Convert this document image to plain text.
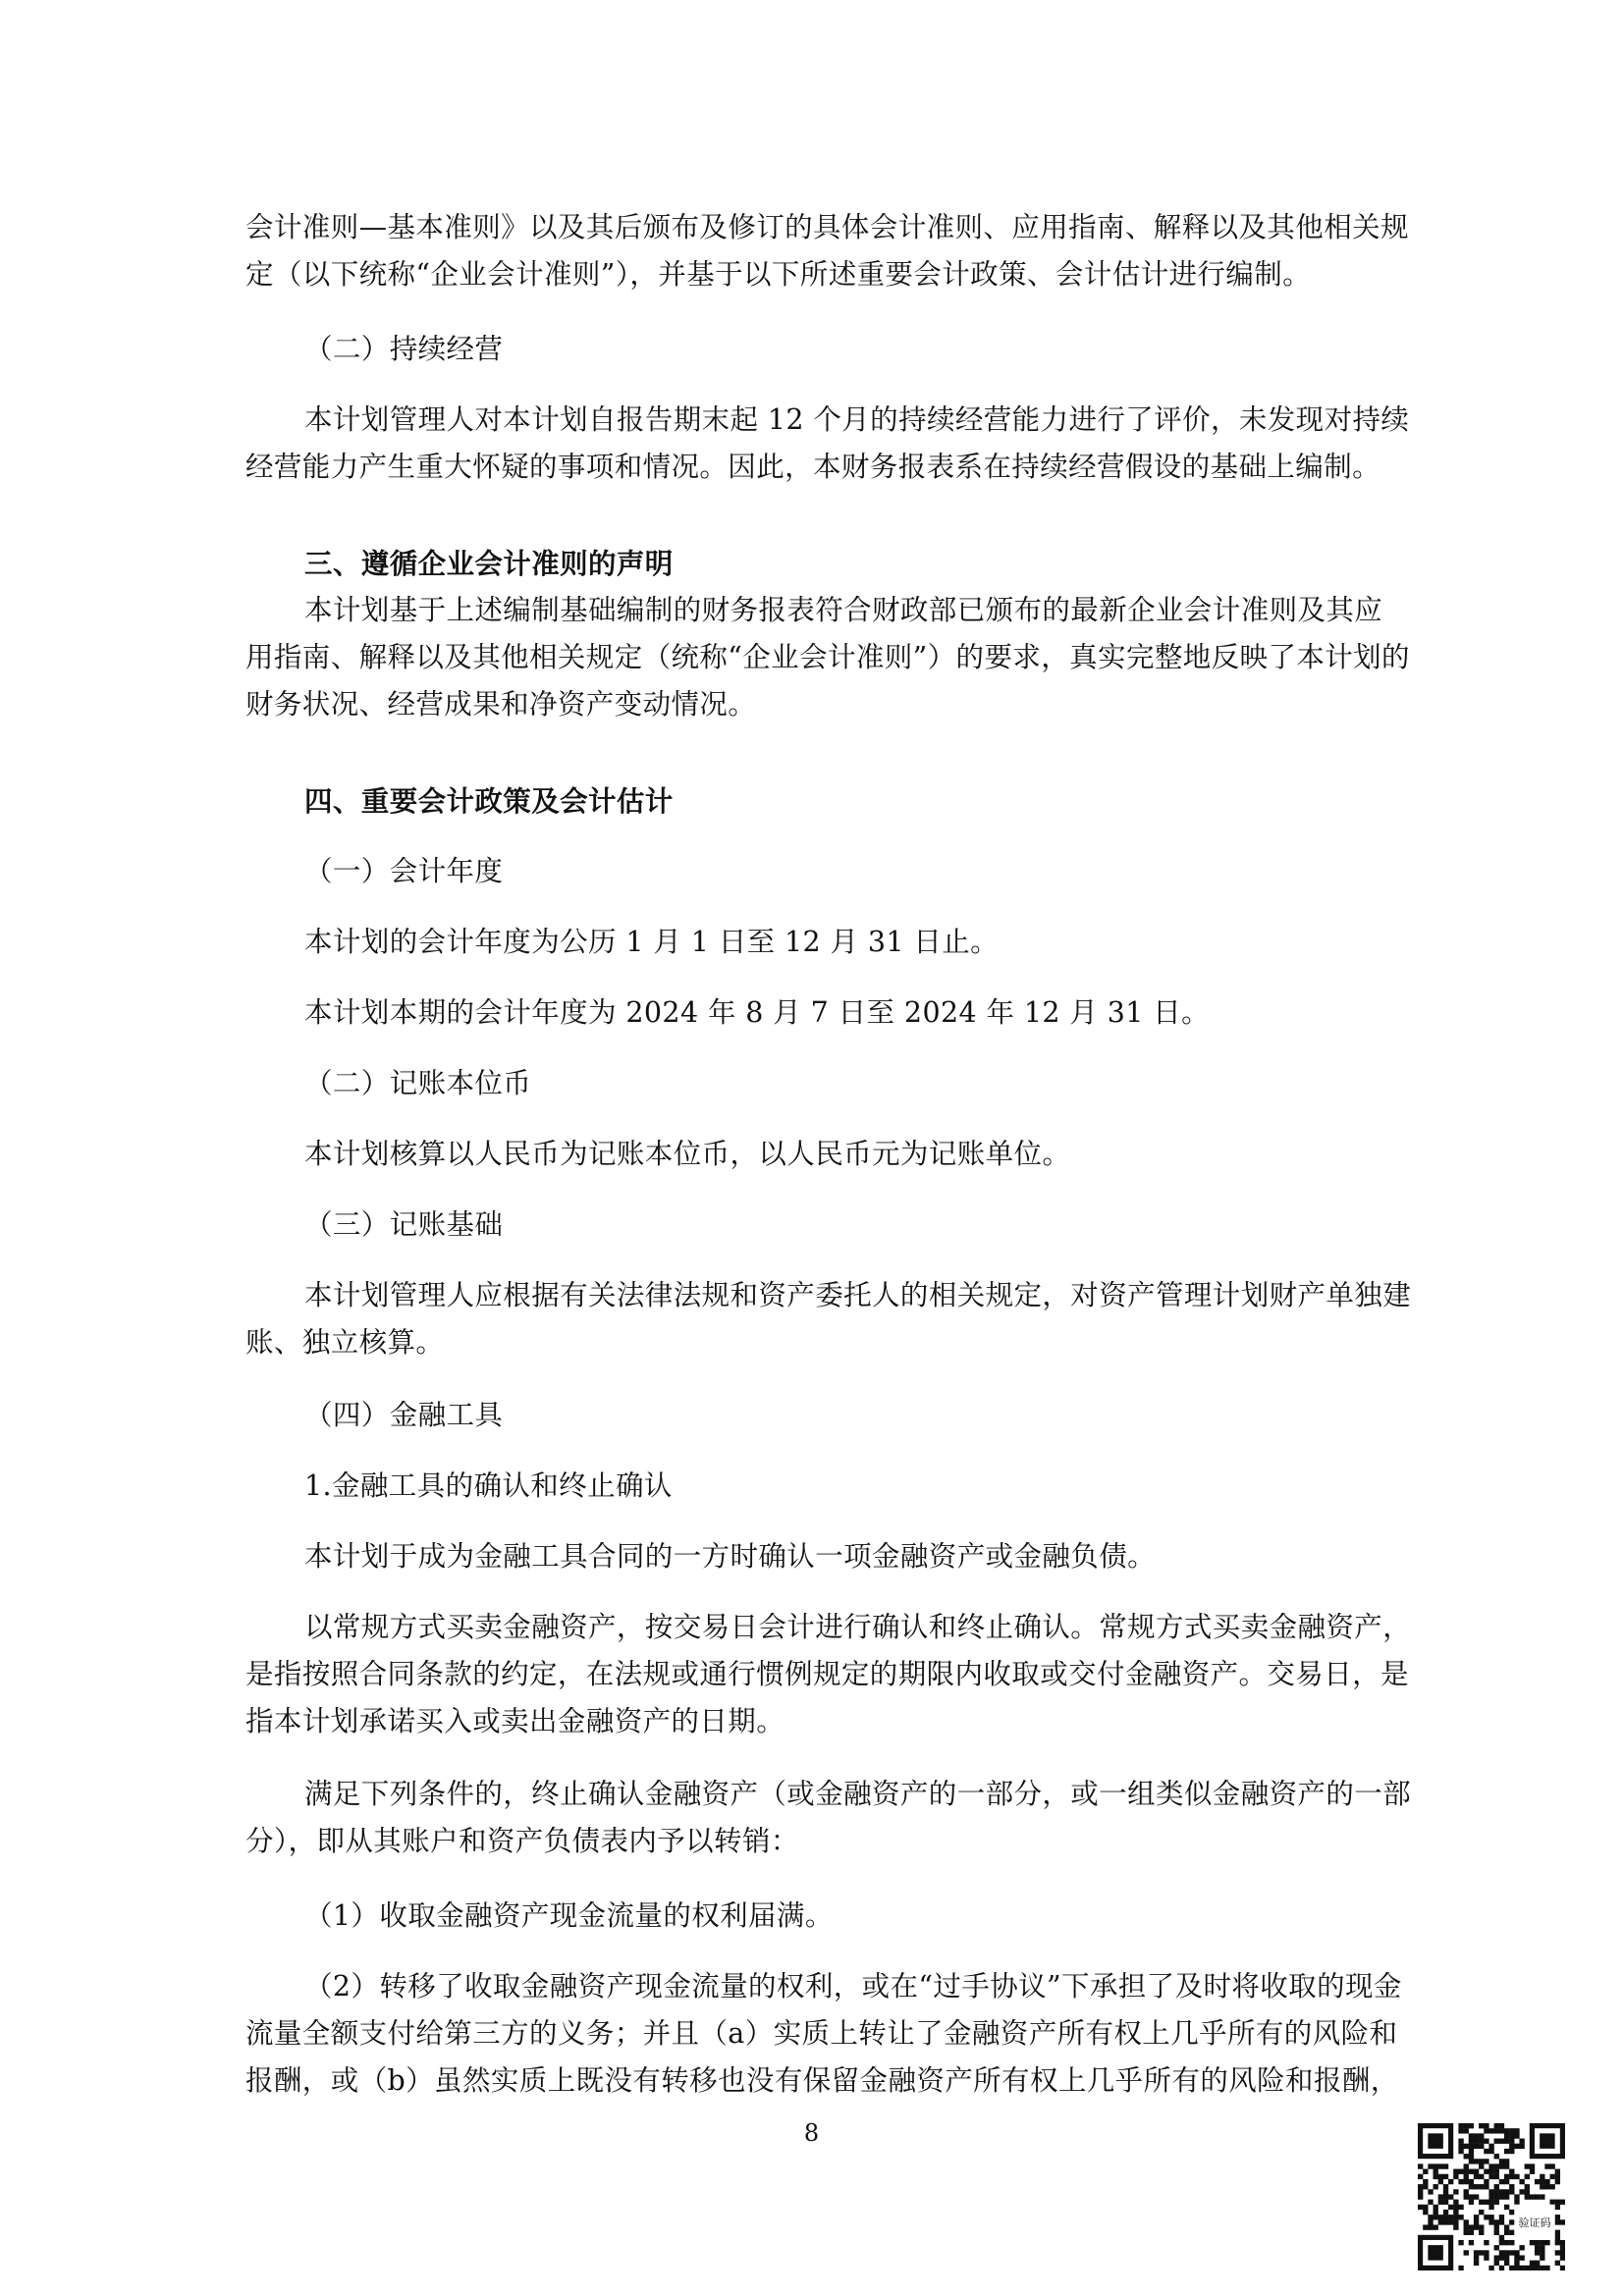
会计准则—基本准则》以及其后颁布及修订的具体会计准则、应用指南、解释以及其他相关规

定（以下统称“企业会计准则”），并基于以下所述重要会计政策、会计估计进行编制。

（二）持续经营

本计划管理人对本计划自报告期末起 12 个月的持续经营能力进行了评价，未发现对持续

经营能力产生重大怀疑的事项和情况。因此，本财务报表系在持续经营假设的基础上编制。

三、遵循企业会计准则的声明

本计划基于上述编制基础编制的财务报表符合财政部已颁布的最新企业会计准则及其应

用指南、解释以及其他相关规定（统称“企业会计准则”）的要求，真实完整地反映了本计划的

财务状况、经营成果和净资产变动情况。

四、重要会计政策及会计估计

（一）会计年度

本计划的会计年度为公历 1 月 1 日至 12 月 31 日止。

本计划本期的会计年度为 2024 年 8 月 7 日至 2024 年 12 月 31 日。

（二）记账本位币

本计划核算以人民币为记账本位币，以人民币元为记账单位。

（三）记账基础

本计划管理人应根据有关法律法规和资产委托人的相关规定，对资产管理计划财产单独建

账、独立核算。

（四）金融工具

1.金融工具的确认和终止确认

本计划于成为金融工具合同的一方时确认一项金融资产或金融负债。

以常规方式买卖金融资产，按交易日会计进行确认和终止确认。常规方式买卖金融资产，

是指按照合同条款的约定，在法规或通行惯例规定的期限内收取或交付金融资产。交易日，是

指本计划承诺买入或卖出金融资产的日期。

满足下列条件的，终止确认金融资产（或金融资产的一部分，或一组类似金融资产的一部

分），即从其账户和资产负债表内予以转销：

（1）收取金融资产现金流量的权利届满。

（2）转移了收取金融资产现金流量的权利，或在“过手协议”下承担了及时将收取的现金

流量全额支付给第三方的义务；并且（a）实质上转让了金融资产所有权上几乎所有的风险和

报酬，或（b）虽然实质上既没有转移也没有保留金融资产所有权上几乎所有的风险和报酬，

8

验证码
